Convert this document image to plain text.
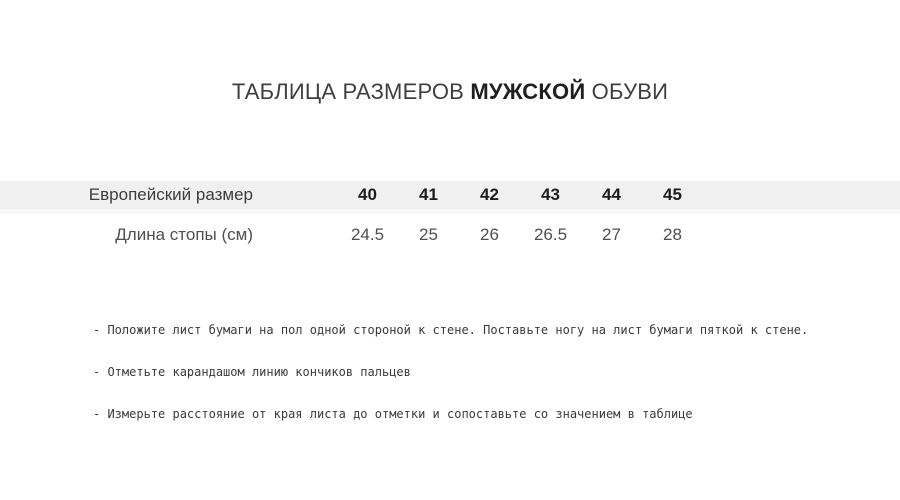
ТАБЛИЦА РАЗМЕРОВ МУЖСКОЙ ОБУВИ
Европейский размер	40	41	42	43	44	45
Длина стопы (см)	24.5	25	26	26.5	27	28

- Положите лист бумаги на пол одной стороной к стене. Поставьте ногу на лист бумаги пяткой к стене.

- Отметьте карандашом линию кончиков пальцев

- Измерьте расстояние от края листа до отметки и сопоставьте со значением в таблице
